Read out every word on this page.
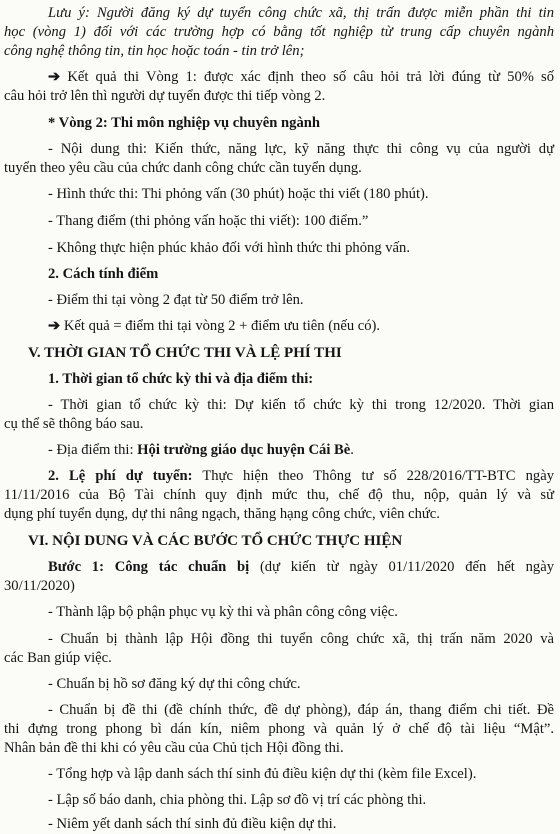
Lưu ý: Người đăng ký dự tuyển công chức xã, thị trấn được miễn phần thi tin
học (vòng 1) đối với các trường hợp có bằng tốt nghiệp từ trung cấp chuyên ngành
công nghệ thông tin, tin học hoặc toán - tin trở lên;
➔ Kết quả thi Vòng 1: được xác định theo số câu hỏi trả lời đúng từ 50% số
câu hỏi trở lên thì người dự tuyển được thi tiếp vòng 2.
* Vòng 2: Thi môn nghiệp vụ chuyên ngành
- Nội dung thi: Kiến thức, năng lực, kỹ năng thực thi công vụ của người dự
tuyển theo yêu cầu của chức danh công chức cần tuyển dụng.
- Hình thức thi: Thi phỏng vấn (30 phút) hoặc thi viết (180 phút).
- Thang điểm (thi phỏng vấn hoặc thi viết): 100 điểm.”
- Không thực hiện phúc khảo đối với hình thức thi phỏng vấn.
2. Cách tính điểm
- Điểm thi tại vòng 2 đạt từ 50 điểm trở lên.
➔ Kết quả = điểm thi tại vòng 2 + điểm ưu tiên (nếu có).
V. THỜI GIAN TỔ CHỨC THI VÀ LỆ PHÍ THI
1. Thời gian tổ chức kỳ thi và địa điểm thi:
- Thời gian tổ chức kỳ thi: Dự kiến tổ chức kỳ thi trong 12/2020. Thời gian
cụ thể sẽ thông báo sau.
- Địa điểm thi: Hội trường giáo dục huyện Cái Bè.
2. Lệ phí dự tuyển: Thực hiện theo Thông tư số 228/2016/TT-BTC ngày
11/11/2016 của Bộ Tài chính quy định mức thu, chế độ thu, nộp, quản lý và sử
dụng phí tuyển dụng, dự thi nâng ngạch, thăng hạng công chức, viên chức.
VI. NỘI DUNG VÀ CÁC BƯỚC TỔ CHỨC THỰC HIỆN
Bước 1: Công tác chuẩn bị (dự kiến từ ngày 01/11/2020 đến hết ngày
30/11/2020)
- Thành lập bộ phận phục vụ kỳ thi và phân công công việc.
- Chuẩn bị thành lập Hội đồng thi tuyển công chức xã, thị trấn năm 2020 và
các Ban giúp việc.
- Chuẩn bị hồ sơ đăng ký dự thi công chức.
- Chuẩn bị đề thi (đề chính thức, đề dự phòng), đáp án, thang điểm chi tiết. Đề
thi đựng trong phong bì dán kín, niêm phong và quản lý ở chế độ tài liệu “Mật”.
Nhân bản đề thi khi có yêu cầu của Chủ tịch Hội đồng thi.
- Tổng hợp và lập danh sách thí sinh đủ điều kiện dự thi (kèm file Excel).
- Lập số báo danh, chia phòng thi. Lập sơ đồ vị trí các phòng thi.
- Niêm yết danh sách thí sinh đủ điều kiện dự thi.
